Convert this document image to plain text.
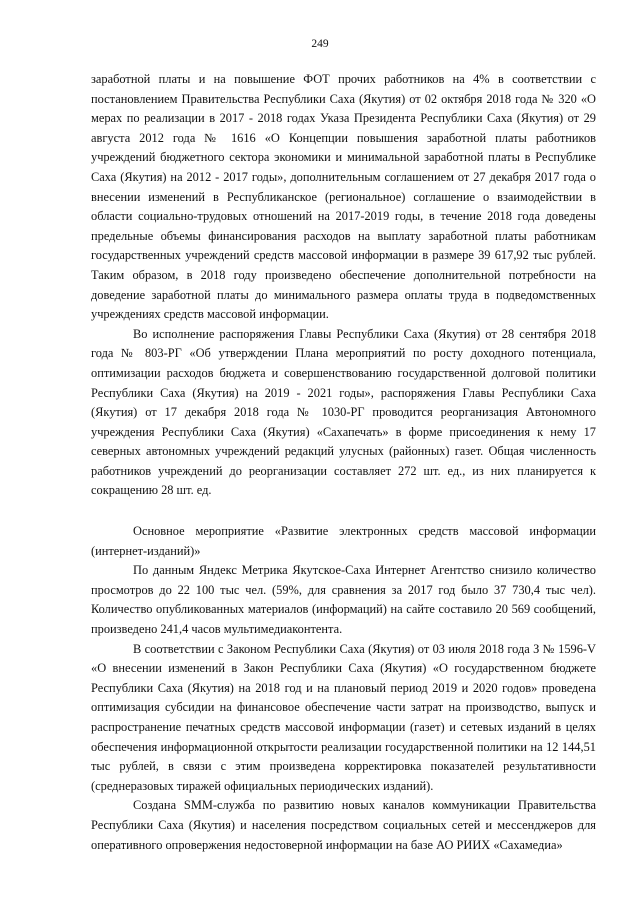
249

заработной платы и на повышение ФОТ прочих работников на 4% в соответствии с постановлением Правительства Республики Саха (Якутия) от 02 октября 2018 года № 320 «О мерах по реализации в 2017 - 2018 годах Указа Президента Республики Саха (Якутия) от 29 августа 2012 года № 1616 «О Концепции повышения заработной платы работников учреждений бюджетного сектора экономики и минимальной заработной платы в Республике Саха (Якутия) на 2012 - 2017 годы», дополнительным соглашением от 27 декабря 2017 года о внесении изменений в Республиканское (региональное) соглашение о взаимодействии в области социально-трудовых отношений на 2017-2019 годы, в течение 2018 года доведены предельные объемы финансирования расходов на выплату заработной платы работникам государственных учреждений средств массовой информации в размере 39 617,92 тыс рублей. Таким образом, в 2018 году произведено обеспечение дополнительной потребности на доведение заработной платы до минимального размера оплаты труда в подведомственных учреждениях средств массовой информации.

Во исполнение распоряжения Главы Республики Саха (Якутия) от 28 сентября 2018 года № 803-РГ «Об утверждении Плана мероприятий по росту доходного потенциала, оптимизации расходов бюджета и совершенствованию государственной долговой политики Республики Саха (Якутия) на 2019 - 2021 годы», распоряжения Главы Республики Саха (Якутия) от 17 декабря 2018 года № 1030-РГ проводится реорганизация Автономного учреждения Республики Саха (Якутия) «Сахапечать» в форме присоединения к нему 17 северных автономных учреждений редакций улусных (районных) газет. Общая численность работников учреждений до реорганизации составляет 272 шт. ед., из них планируется к сокращению 28 шт. ед.

Основное мероприятие «Развитие электронных средств массовой информации (интернет-изданий)»

По данным Яндекс Метрика Якутское-Саха Интернет Агентство снизило количество просмотров до 22 100 тыс чел. (59%, для сравнения за 2017 год было 37 730,4 тыс чел). Количество опубликованных материалов (информаций) на сайте составило 20 569 сообщений, произведено 241,4 часов мультимедиаконтента.

В соответствии с Законом Республики Саха (Якутия) от 03 июля 2018 года З № 1596-V «О внесении изменений в Закон Республики Саха (Якутия) «О государственном бюджете Республики Саха (Якутия) на 2018 год и на плановый период 2019 и 2020 годов» проведена оптимизация субсидии на финансовое обеспечение части затрат на производство, выпуск и распространение печатных средств массовой информации (газет) и сетевых изданий в целях обеспечения информационной открытости реализации государственной политики на 12 144,51 тыс рублей, в связи с этим произведена корректировка показателей результативности (среднеразовых тиражей официальных периодических изданий).

Создана SMM-служба по развитию новых каналов коммуникации Правительства Республики Саха (Якутия) и населения посредством социальных сетей и мессенджеров для оперативного опровержения недостоверной информации на базе АО РИИХ «Сахамедиа»
